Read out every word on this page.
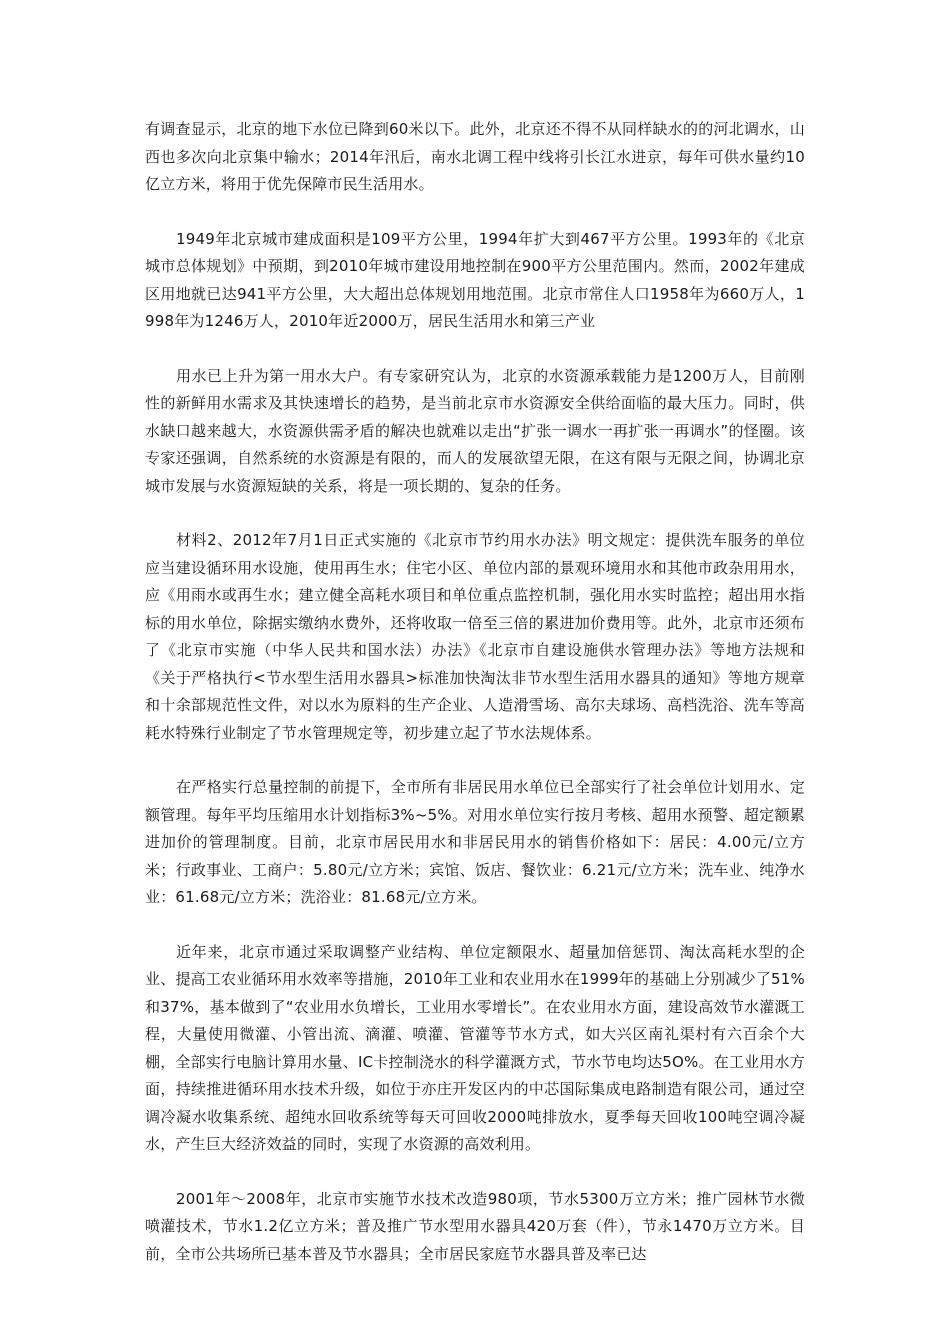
有调查显示，北京的地下水位已降到60米以下。此外，北京还不得不从同样缺水的的河北调水，山西也多次向北京集中输水；2014年汛后，南水北调工程中线将引长江水进京，每年可供水量约10亿立方米，将用于优先保障市民生活用水。

1949年北京城市建成面积是109平方公里，1994年扩大到467平方公里。1993年的《北京城市总体规划》中预期，到2010年城市建设用地控制在900平方公里范围内。然而，2002年建成区用地就已达941平方公里，大大超出总体规划用地范围。北京市常住人口1958年为660万人，1998年为1246万人，2010年近2000万，居民生活用水和第三产业

用水已上升为第一用水大户。有专家研究认为，北京的水资源承载能力是1200万人，目前刚性的新鲜用水需求及其快速增长的趋势，是当前北京市水资源安全供给面临的最大压力。同时，供水缺口越来越大，水资源供需矛盾的解决也就难以走出“扩张一调水一再扩张一再调水”的怪圈。该专家还强调，自然系统的水资源是有限的，而人的发展欲望无限，在这有限与无限之间，协调北京城市发展与水资源短缺的关系，将是一项长期的、复杂的任务。

材料2、2012年7月1日正式实施的《北京市节约用水办法》明文规定：提供洗车服务的单位应当建设循环用水设施，使用再生水；住宅小区、单位内部的景观环境用水和其他市政杂用用水，应《用雨水或再生水；建立健全高耗水项目和单位重点监控机制，强化用水实时监控；超出用水指标的用水单位，除据实缴纳水费外，还将收取一倍至三倍的累进加价费用等。此外，北京市还须布了《北京市实施（中华人民共和国水法）办法》《北京市自建设施供水管理办法》等地方法规和《关于严格执行<节水型生活用水器具>标准加快淘汰非节水型生活用水器具的通知》等地方规章和十余部规范性文件，对以水为原料的生产企业、人造滑雪场、高尔夫球场、高档洗浴、洗车等高耗水特殊行业制定了节水管理规定等，初步建立起了节水法规体系。

在严格实行总量控制的前提下，全市所有非居民用水单位已全部实行了社会单位计划用水、定额管理。每年平均压缩用水计划指标3%~5%。对用水单位实行按月考核、超用水预警、超定额累进加价的管理制度。目前，北京市居民用水和非居民用水的销售价格如下：居民：4.00元/立方米；行政事业、工商户：5.80元/立方米；宾馆、饭店、餐饮业：6.21元/立方米；洗车业、纯净水业：61.68元/立方米；洗浴业：81.68元/立方米。

近年来，北京市通过采取调整产业结构、单位定额限水、超量加倍惩罚、淘汰高耗水型的企业、提高工农业循环用水效率等措施，2010年工业和农业用水在1999年的基础上分别减少了51%和37%，基本做到了“农业用水负增长，工业用水零增长”。在农业用水方面，建设高效节水灌溉工程，大量使用微灌、小管出流、滴灌、喷灌、管灌等节水方式，如大兴区南礼渠村有六百余个大棚，全部实行电脑计算用水量、IC卡控制浇水的科学灌溉方式，节水节电均达5O%。在工业用水方面，持续推进循环用水技术升级，如位于亦庄开发区内的中芯国际集成电路制造有限公司，通过空调冷凝水收集系统、超纯水回收系统等每天可回收2000吨排放水，夏季每天回收100吨空调冷凝水，产生巨大经济效益的同时，实现了水资源的高效利用。

2001年～2008年，北京市实施节水技术改造980项，节水5300万立方米；推广园林节水微喷灌技术，节水1.2亿立方米；普及推广节水型用水器具420万套（件），节永1470万立方米。目前，全市公共场所已基本普及节水器具；全市居民家庭节水器具普及率已达
